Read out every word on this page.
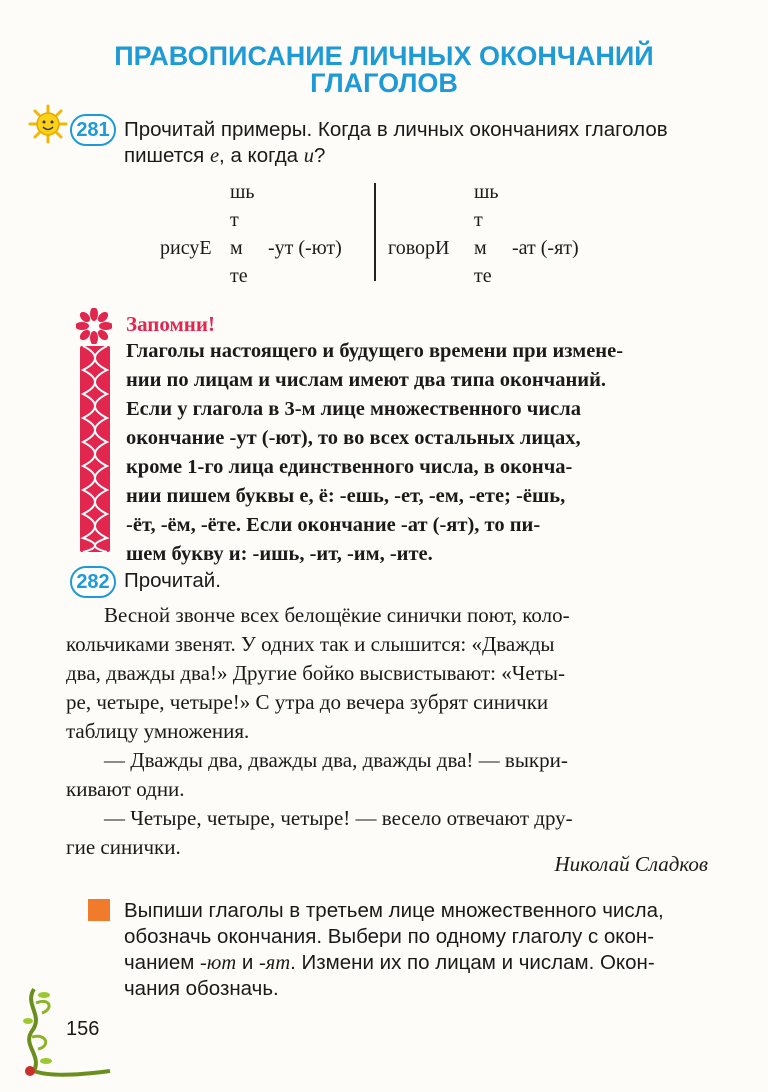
ПРАВОПИСАНИЕ ЛИЧНЫХ ОКОНЧАНИЙ
ГЛАГОЛОВ
281 Прочитай примеры. Когда в личных окончаниях глаголов
пишется е, а когда и?
рисуЕ
шь
т
м
те
-ут (-ют) говорИ
шь
т
м
те
-ат (-ят)
Запомни!
Глаголы настоящего и будущего времени при измене-
нии по лицам и числам имеют два типа окончаний.
Если у глагола в 3-м лице множественного числа
окончание -ут (-ют), то во всех остальных лицах,
кроме 1-го лица единственного числа, в оконча-
нии пишем буквы е, ё: -ешь, -ет, -ем, -ете; -ёшь,
-ёт, -ём, -ёте. Если окончание -ат (-ят), то пи-
шем букву и: -ишь, -ит, -им, -ите.
282 Прочитай.

Весной звонче всех белощёкие синички поют, коло-

кольчиками звенят. У одних так и слышится: «Дважды

два, дважды два!» Другие бойко высвистывают: «Четы-

ре, четыре, четыре!» С утра до вечера зубрят синички

таблицу умножения.

— Дважды два, дважды два, дважды два! — выкри-

кивают одни.

— Четыре, четыре, четыре! — весело отвечают дру-

гие синички.

Николай Сладков
Выпиши глаголы в третьем лице множественного числа,
обозначь окончания. Выбери по одному глаголу с окон-
чанием -ют и -ят. Измени их по лицам и числам. Окон-
чания обозначь.
156
